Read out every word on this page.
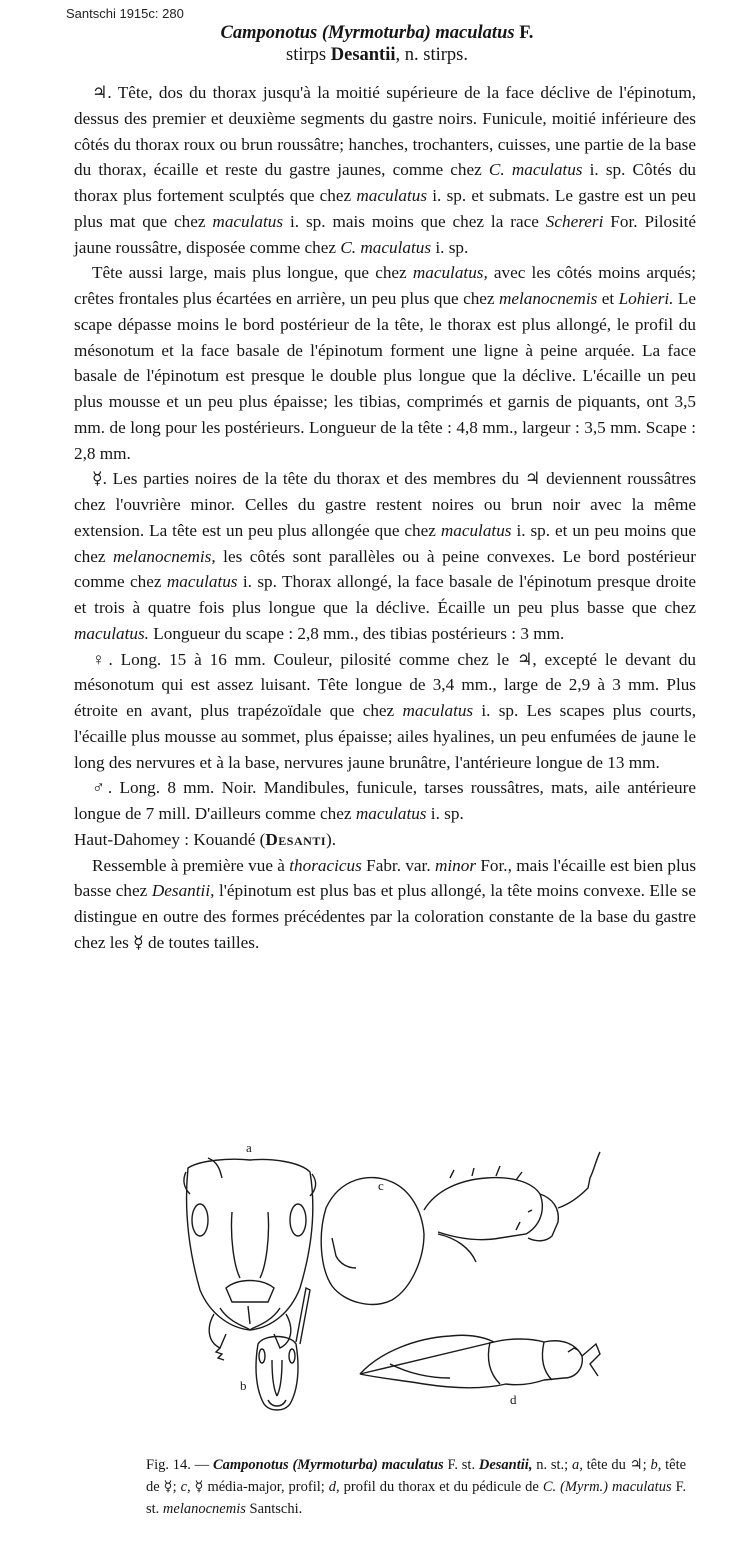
Santschi 1915c: 280
Camponotus (Myrmoturba) maculatus F.
stirps Desantii, n. stirps.

♃. Tête, dos du thorax jusqu'à la moitié supérieure de la face déclive de l'épinotum, dessus des premier et deuxième segments du gastre noirs. Funicule, moitié inférieure des côtés du thorax roux ou brun roussâtre; hanches, trochanters, cuisses, une partie de la base du thorax, écaille et reste du gastre jaunes, comme chez C. maculatus i. sp. Côtés du thorax plus fortement sculptés que chez maculatus i. sp. et submats. Le gastre est un peu plus mat que chez maculatus i. sp. mais moins que chez la race Schereri For. Pilosité jaune roussâtre, disposée comme chez C. maculatus i. sp.

Tête aussi large, mais plus longue, que chez maculatus, avec les côtés moins arqués; crêtes frontales plus écartées en arrière, un peu plus que chez melanocnemis et Lohieri. Le scape dépasse moins le bord postérieur de la tête, le thorax est plus allongé, le profil du mésonotum et la face basale de l'épinotum forment une ligne à peine arquée. La face basale de l'épinotum est presque le double plus longue que la déclive. L'écaille un peu plus mousse et un peu plus épaisse; les tibias, comprimés et garnis de piquants, ont 3,5 mm. de long pour les postérieurs. Longueur de la tête : 4,8 mm., largeur : 3,5 mm. Scape : 2,8 mm.

☿. Les parties noires de la tête du thorax et des membres du ♃ deviennent roussâtres chez l'ouvrière minor. Celles du gastre restent noires ou brun noir avec la même extension. La tête est un peu plus allongée que chez maculatus i. sp. et un peu moins que chez melanocnemis, les côtés sont parallèles ou à peine convexes. Le bord postérieur comme chez maculatus i. sp. Thorax allongé, la face basale de l'épinotum presque droite et trois à quatre fois plus longue que la déclive. Écaille un peu plus basse que chez maculatus. Longueur du scape : 2,8 mm., des tibias postérieurs : 3 mm.

♀. Long. 15 à 16 mm. Couleur, pilosité comme chez le ♃, excepté le devant du mésonotum qui est assez luisant. Tête longue de 3,4 mm., large de 2,9 à 3 mm. Plus étroite en avant, plus trapézoïdale que chez maculatus i. sp. Les scapes plus courts, l'écaille plus mousse au sommet, plus épaisse; ailes hyalines, un peu enfumées de jaune le long des nervures et à la base, nervures jaune brunâtre, l'antérieure longue de 13 mm.

♂. Long. 8 mm. Noir. Mandibules, funicule, tarses roussâtres, mats, aile antérieure longue de 7 mill. D'ailleurs comme chez maculatus i. sp.

Haut-Dahomey : Kouandé (Desanti).

Ressemble à première vue à thoracicus Fabr. var. minor For., mais l'écaille est bien plus basse chez Desantii, l'épinotum est plus bas et plus allongé, la tête moins convexe. Elle se distingue en outre des formes précédentes par la coloration constante de la base du gastre chez les ☿ de toutes tailles.

a
b
c
d
Fig. 14. — Camponotus (Myrmoturba) maculatus F. st. Desantii, n. st.; a, tête du ♃; b, tête de ☿; c, ☿ média-major, profil; d, profil du thorax et du pédicule de C. (Myrm.) maculatus F. st. melanocnemis Santschi.
